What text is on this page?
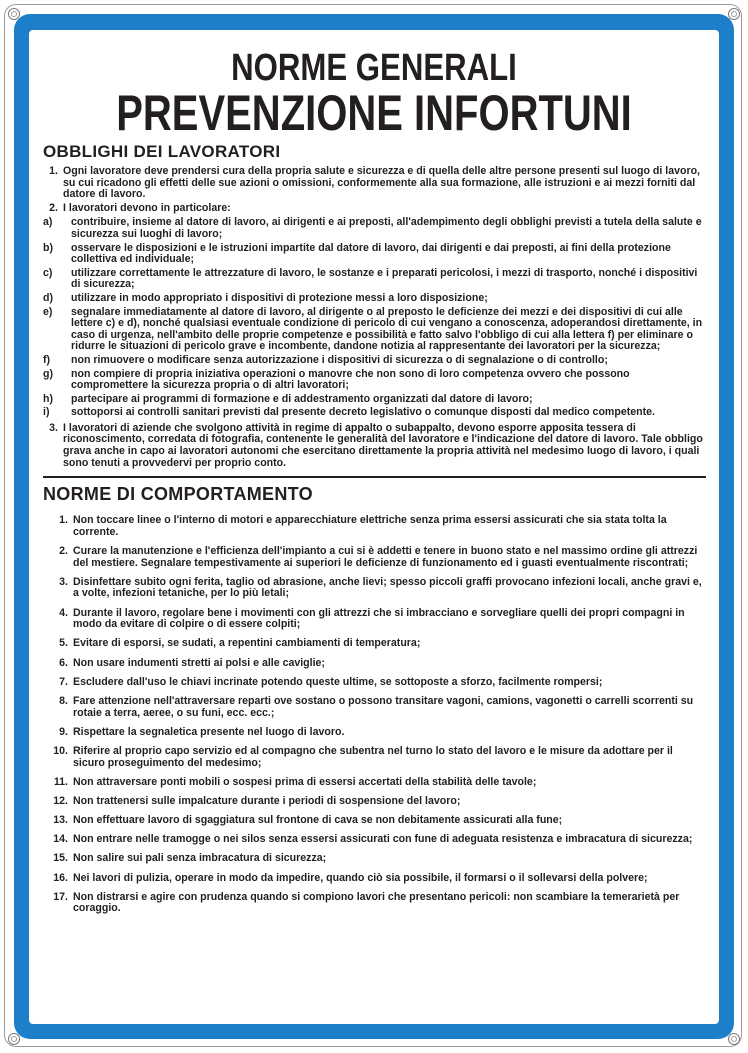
NORME GENERALI
PREVENZIONE INFORTUNI
OBBLIGHI DEI LAVORATORI
1. Ogni lavoratore deve prendersi cura della propria salute e sicurezza e di quella delle altre persone presenti sul luogo di lavoro, su cui ricadono gli effetti delle sue azioni o omissioni, conformemente alla sua formazione, alle istruzioni e ai mezzi forniti dal datore di lavoro.
2. I lavoratori devono in particolare:
a)	contribuire, insieme al datore di lavoro, ai dirigenti e ai preposti, all'adempimento degli obblighi previsti a tutela della salute e sicurezza sui luoghi di lavoro;
b)	osservare le disposizioni e le istruzioni impartite dal datore di lavoro, dai dirigenti e dai preposti, ai fini della protezione collettiva ed individuale;
c)	utilizzare correttamente le attrezzature di lavoro, le sostanze e i preparati pericolosi, i mezzi di trasporto, nonché i dispositivi di sicurezza;
d)	utilizzare in modo appropriato i dispositivi di protezione messi a loro disposizione;
e)	segnalare immediatamente al datore di lavoro, al dirigente o al preposto le deficienze dei mezzi e dei dispositivi di cui alle lettere c) e d), nonché qualsiasi eventuale condizione di pericolo di cui vengano a conoscenza, adoperandosi direttamente, in caso di urgenza, nell'ambito delle proprie competenze e possibilità e fatto salvo l'obbligo di cui alla lettera f) per eliminare o ridurre le situazioni di pericolo grave e incombente, dandone notizia al rappresentante dei lavoratori per la sicurezza;
f)	non rimuovere o modificare senza autorizzazione i dispositivi di sicurezza o di segnalazione o di controllo;
g)	non compiere di propria iniziativa operazioni o manovre che non sono di loro competenza ovvero che possono compromettere la sicurezza propria o di altri lavoratori;
h)	partecipare ai programmi di formazione e di addestramento organizzati dal datore di lavoro;
i)	sottoporsi ai controlli sanitari previsti dal presente decreto legislativo o comunque disposti dal medico competente.
3. I lavoratori di aziende che svolgono attività in regime di appalto o subappalto, devono esporre apposita tessera di riconoscimento, corredata di fotografia, contenente le generalità del lavoratore e l'indicazione del datore di lavoro. Tale obbligo grava anche in capo ai lavoratori autonomi che esercitano direttamente la propria attività nel medesimo luogo di lavoro, i quali sono tenuti a provvedervi per proprio conto.
NORME DI COMPORTAMENTO
1. Non toccare linee o l'interno di motori e apparecchiature elettriche senza prima essersi assicurati che sia stata tolta la corrente.
2. Curare la manutenzione e l'efficienza dell'impianto a cui si è addetti e tenere in buono stato e nel massimo ordine gli attrezzi del mestiere. Segnalare tempestivamente ai superiori le deficienze di funzionamento ed i guasti eventualmente riscontrati;
3. Disinfettare subito ogni ferita, taglio od abrasione, anche lievi; spesso piccoli graffi provocano infezioni locali, anche gravi e, a volte, infezioni tetaniche, per lo più letali;
4. Durante il lavoro, regolare bene i movimenti con gli attrezzi che si imbracciano e sorvegliare quelli dei propri compagni in modo da evitare di colpire o di essere colpiti;
5. Evitare di esporsi, se sudati, a repentini cambiamenti di temperatura;
6. Non usare indumenti stretti ai polsi e alle caviglie;
7. Escludere dall'uso le chiavi incrinate potendo queste ultime, se sottoposte a sforzo, facilmente rompersi;
8. Fare attenzione nell'attraversare reparti ove sostano o possono transitare vagoni, camions, vagonetti o carrelli scorrenti su rotaie a terra, aeree, o su funi, ecc. ecc.;
9. Rispettare la segnaletica presente nel luogo di lavoro.
10. Riferire al proprio capo servizio ed al compagno che subentra nel turno lo stato del lavoro e le misure da adottare per il sicuro proseguimento del medesimo;
11. Non attraversare ponti mobili o sospesi prima di essersi accertati della stabilità delle tavole;
12. Non trattenersi sulle impalcature durante i periodi di sospensione del lavoro;
13. Non effettuare lavoro di sgaggiatura sul frontone di cava se non debitamente assicurati alla fune;
14. Non entrare nelle tramogge o nei silos senza essersi assicurati con fune di adeguata resistenza e imbracatura di sicurezza;
15. Non salire sui pali senza imbracatura di sicurezza;
16. Nei lavori di pulizia, operare in modo da impedire, quando ciò sia possibile, il formarsi o il sollevarsi della polvere;
17. Non distrarsi e agire con prudenza quando si compiono lavori che presentano pericoli: non scambiare la temerarietà per coraggio.
